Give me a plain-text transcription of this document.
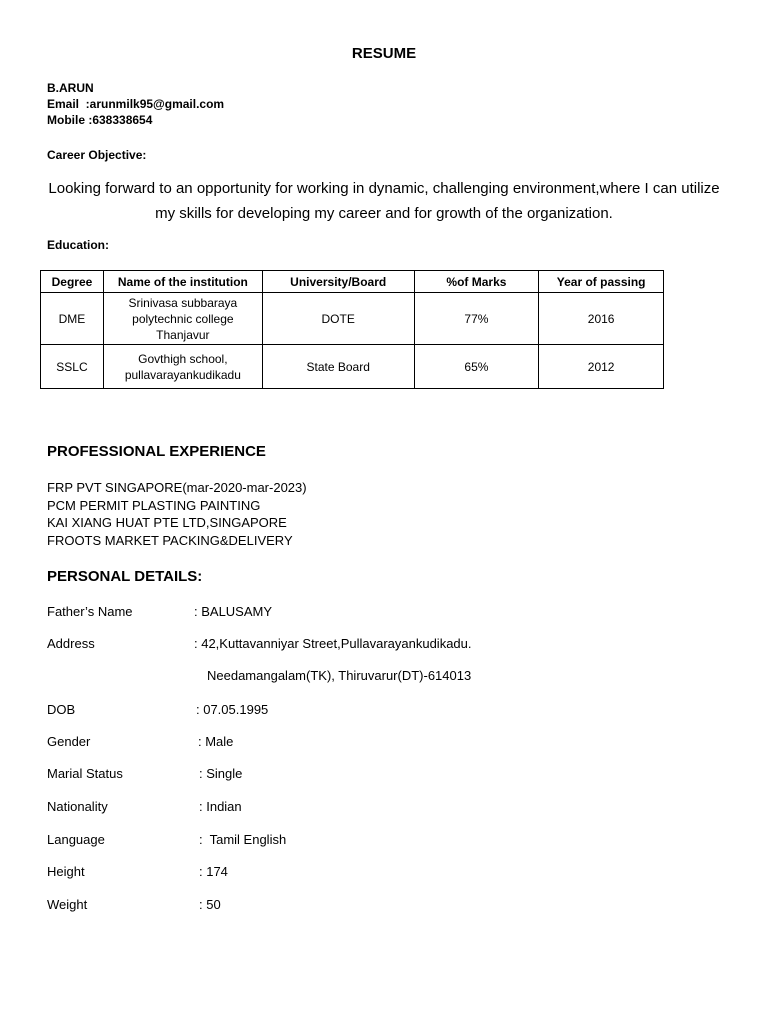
RESUME
B.ARUN
Email  :arunmilk95@gmail.com
Mobile :638338654
Career Objective:
Looking forward to an opportunity for working in dynamic, challenging environment,where I can utilize my skills for developing my career and for growth of the organization.
Education:
Degree	Name of the institution	University/Board	%of Marks	Year of passing
DME	Srinivasa subbaraya polytechnic college Thanjavur	DOTE	77%	2016
SSLC	Govthigh school, pullavarayankudikadu	State Board	65%	2012
PROFESSIONAL EXPERIENCE
FRP PVT SINGAPORE(mar-2020-mar-2023)
PCM PERMIT PLASTING PAINTING
KAI XIANG HUAT PTE LTD,SINGAPORE
FROOTS MARKET PACKING&DELIVERY
PERSONAL DETAILS:
Father’s Name	: BALUSAMY
Address	: 42,Kuttavanniyar Street,Pullavarayankudikadu.
Needamangalam(TK), Thiruvarur(DT)-614013
DOB	: 07.05.1995
Gender	: Male
Marial Status	: Single
Nationality	: Indian
Language	:  Tamil English
Height	: 174
Weight	: 50
